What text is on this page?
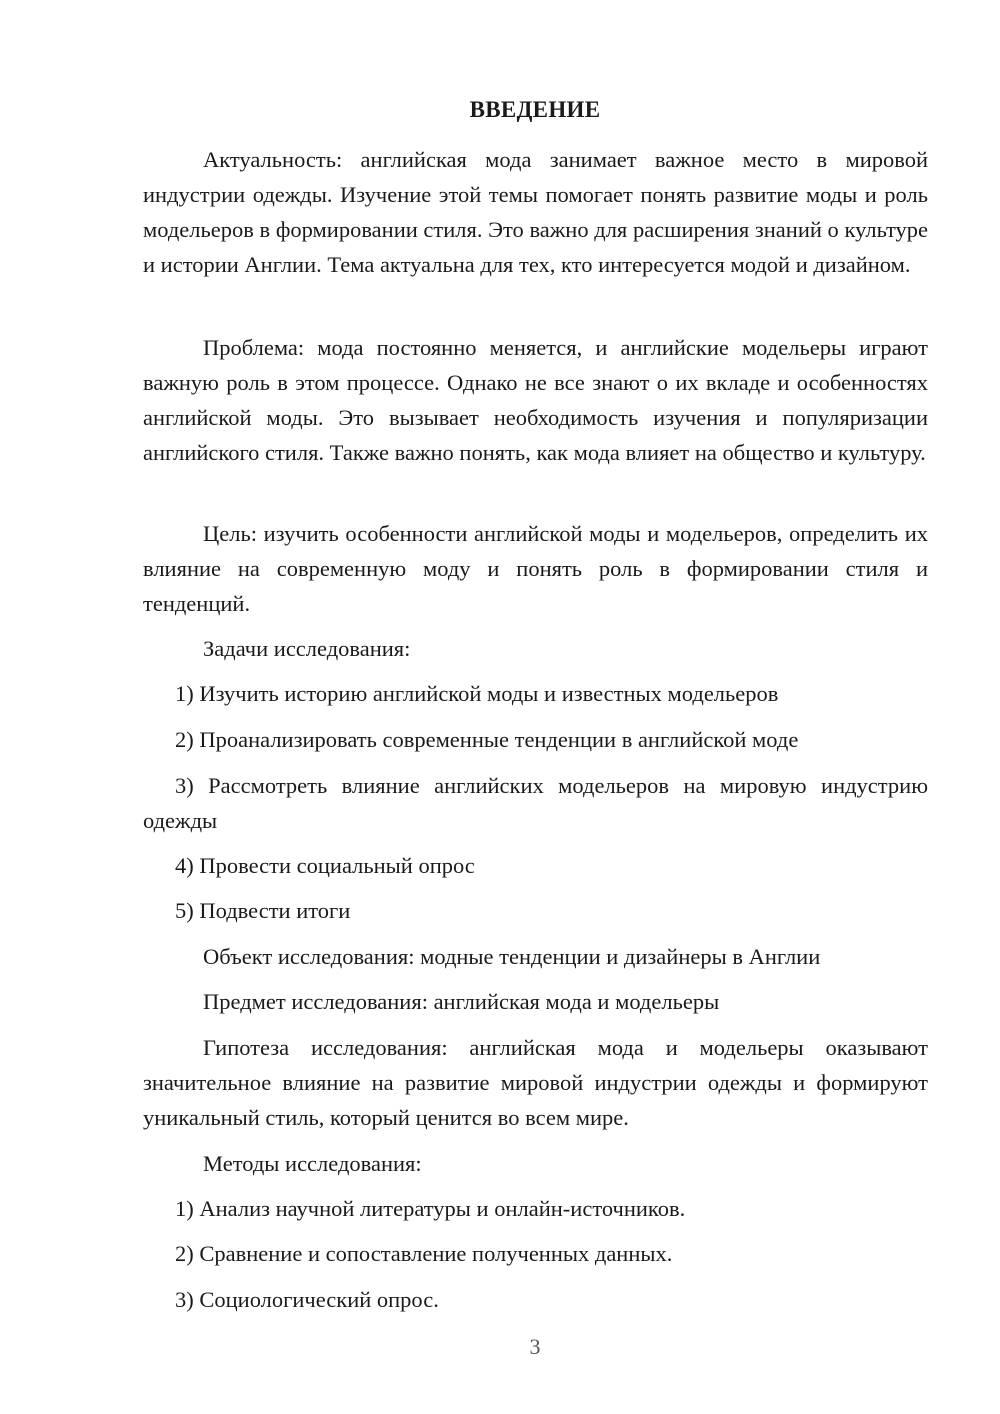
ВВЕДЕНИЕ

Актуальность: английская мода занимает важное место в мировой индустрии одежды. Изучение этой темы помогает понять развитие моды и роль модельеров в формировании стиля. Это важно для расширения знаний о культуре и истории Англии. Тема актуальна для тех, кто интересуется модой и дизайном.

Проблема: мода постоянно меняется, и английские модельеры играют важную роль в этом процессе. Однако не все знают о их вкладе и особенностях английской моды. Это вызывает необходимость изучения и популяризации английского стиля. Также важно понять, как мода влияет на общество и культуру.

Цель: изучить особенности английской моды и модельеров, определить их влияние на современную моду и понять роль в формировании стиля и тенденций.

Задачи исследования:

1) Изучить историю английской моды и известных модельеров

2) Проанализировать современные тенденции в английской моде

3) Рассмотреть влияние английских модельеров на мировую индустрию одежды

4) Провести социальный опрос

5) Подвести итоги

Объект исследования: модные тенденции и дизайнеры в Англии

Предмет исследования: английская мода и модельеры

Гипотеза исследования: английская мода и модельеры оказывают значительное влияние на развитие мировой индустрии одежды и формируют уникальный стиль, который ценится во всем мире.

Методы исследования:

1) Анализ научной литературы и онлайн-источников.

2) Сравнение и сопоставление полученных данных.

3) Социологический опрос.

3
